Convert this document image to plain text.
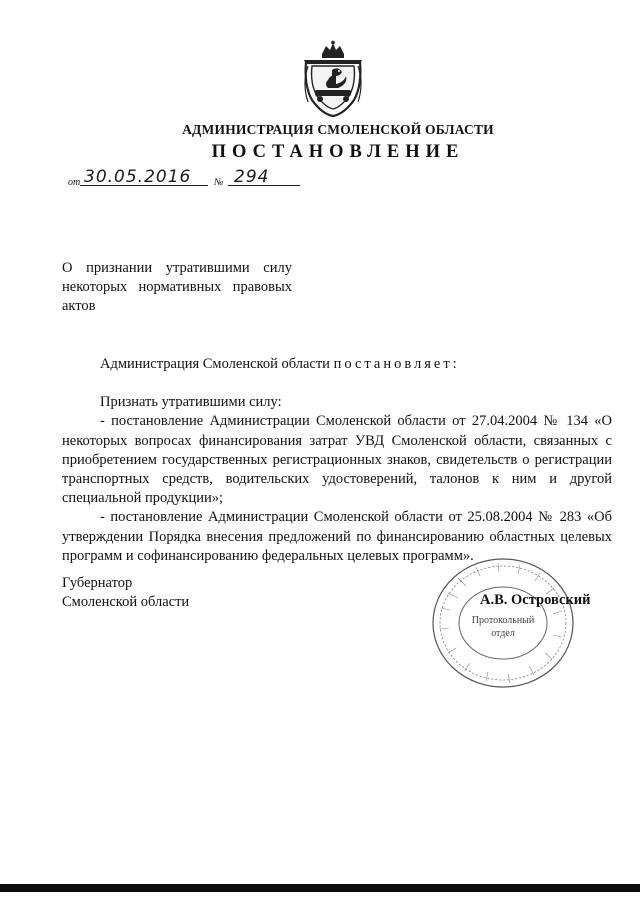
АДМИНИСТРАЦИЯ СМОЛЕНСКОЙ ОБЛАСТИ
ПОСТАНОВЛЕНИЕ
от 30.05.2016	№ 294
О признании утратившими силу некоторых нормативных правовых актов

Администрация Смоленской области постановляет:

Признать утратившими силу:

- постановление Администрации Смоленской области от 27.04.2004 № 134 «О некоторых вопросах финансирования затрат УВД Смоленской области, связанных с приобретением государственных регистрационных знаков, свидетельств о регистрации транспортных средств, водительских удостоверений, талонов к ним и другой специальной продукции»;

- постановление Администрации Смоленской области от 25.08.2004 № 283 «Об утверждении Порядка внесения предложений по финансированию областных целевых программ и софинансированию федеральных целевых программ».

Губернатор
Смоленской области
Протокольный
отдел
А.В. Островский
